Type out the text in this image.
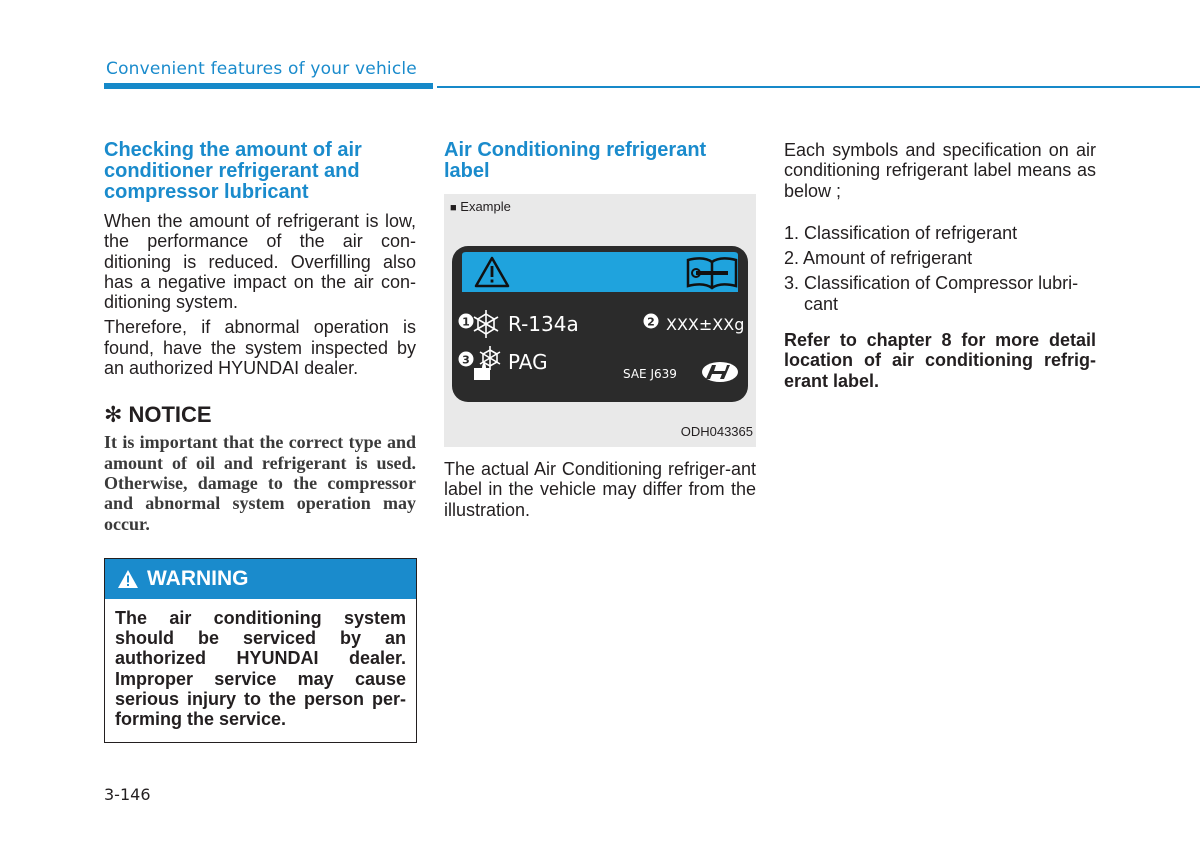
Convenient features of your vehicle
Checking the amount of air conditioner refrigerant and compressor lubricant

When the amount of refrigerant is low, the performance of the air con-ditioning is reduced. Overfilling also has a negative impact on the air con-ditioning system.

Therefore, if abnormal operation is found, have the system inspected by an authorized HYUNDAI dealer.

✻ NOTICE

It is important that the correct type and amount of oil and refrigerant is used. Otherwise, damage to the compressor and abnormal system operation may occur.

WARNING
The air conditioning system should be serviced by an authorized HYUNDAI dealer. Improper service may cause serious injury to the person per-forming the service.
Air Conditioning refrigerant label
■ Example
1 R-134a	2 XXX±XXg
3 PAG	SAE J639
ODH043365

The actual Air Conditioning refriger-ant label in the vehicle may differ from the illustration.

Each symbols and specification on air conditioning refrigerant label means as below ;

1. Classification of refrigerant
2. Amount of refrigerant
3. Classification of Compressor lubri-
cant

Refer to chapter 8 for more detail location of air conditioning refrig-erant label.

3-146
